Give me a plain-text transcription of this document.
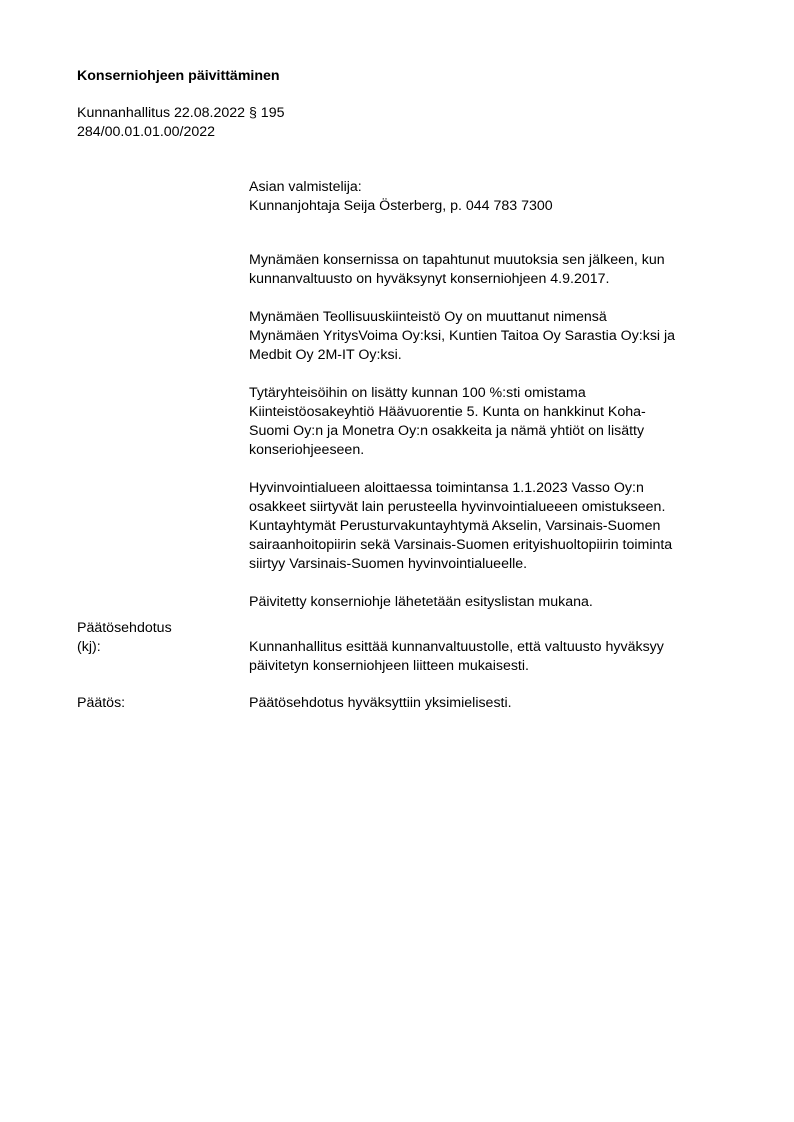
Konserniohjeen päivittäminen
Kunnanhallitus 22.08.2022 § 195
284/00.01.01.00/2022
Asian valmistelija:
Kunnanjohtaja Seija Österberg, p. 044 783 7300

Mynämäen konsernissa on tapahtunut muutoksia sen jälkeen, kun
kunnanvaltuusto on hyväksynyt konserniohjeen 4.9.2017.

Mynämäen Teollisuuskiinteistö Oy on muuttanut nimensä
Mynämäen YritysVoima Oy:ksi, Kuntien Taitoa Oy Sarastia Oy:ksi ja
Medbit Oy 2M-IT Oy:ksi.

Tytäryhteisöihin on lisätty kunnan 100 %:sti omistama
Kiinteistöosakeyhtiö Häävuorentie 5. Kunta on hankkinut Koha-
Suomi Oy:n ja Monetra Oy:n osakkeita ja nämä yhtiöt on lisätty
konseriohjeeseen.

Hyvinvointialueen aloittaessa toimintansa 1.1.2023 Vasso Oy:n
osakkeet siirtyvät lain perusteella hyvinvointialueeen omistukseen.
Kuntayhtymät Perusturvakuntayhtymä Akselin, Varsinais-Suomen
sairaanhoitopiirin sekä Varsinais-Suomen erityishuoltopiirin toiminta
siirtyy Varsinais-Suomen hyvinvointialueelle.

Päivitetty konserniohje lähetetään esityslistan mukana.

Päätösehdotus
(kj):	Kunnanhallitus esittää kunnanvaltuustolle, että valtuusto hyväksyy
päivitetyn konserniohjeen liitteen mukaisesti.
Päätös:	Päätösehdotus hyväksyttiin yksimielisesti.
